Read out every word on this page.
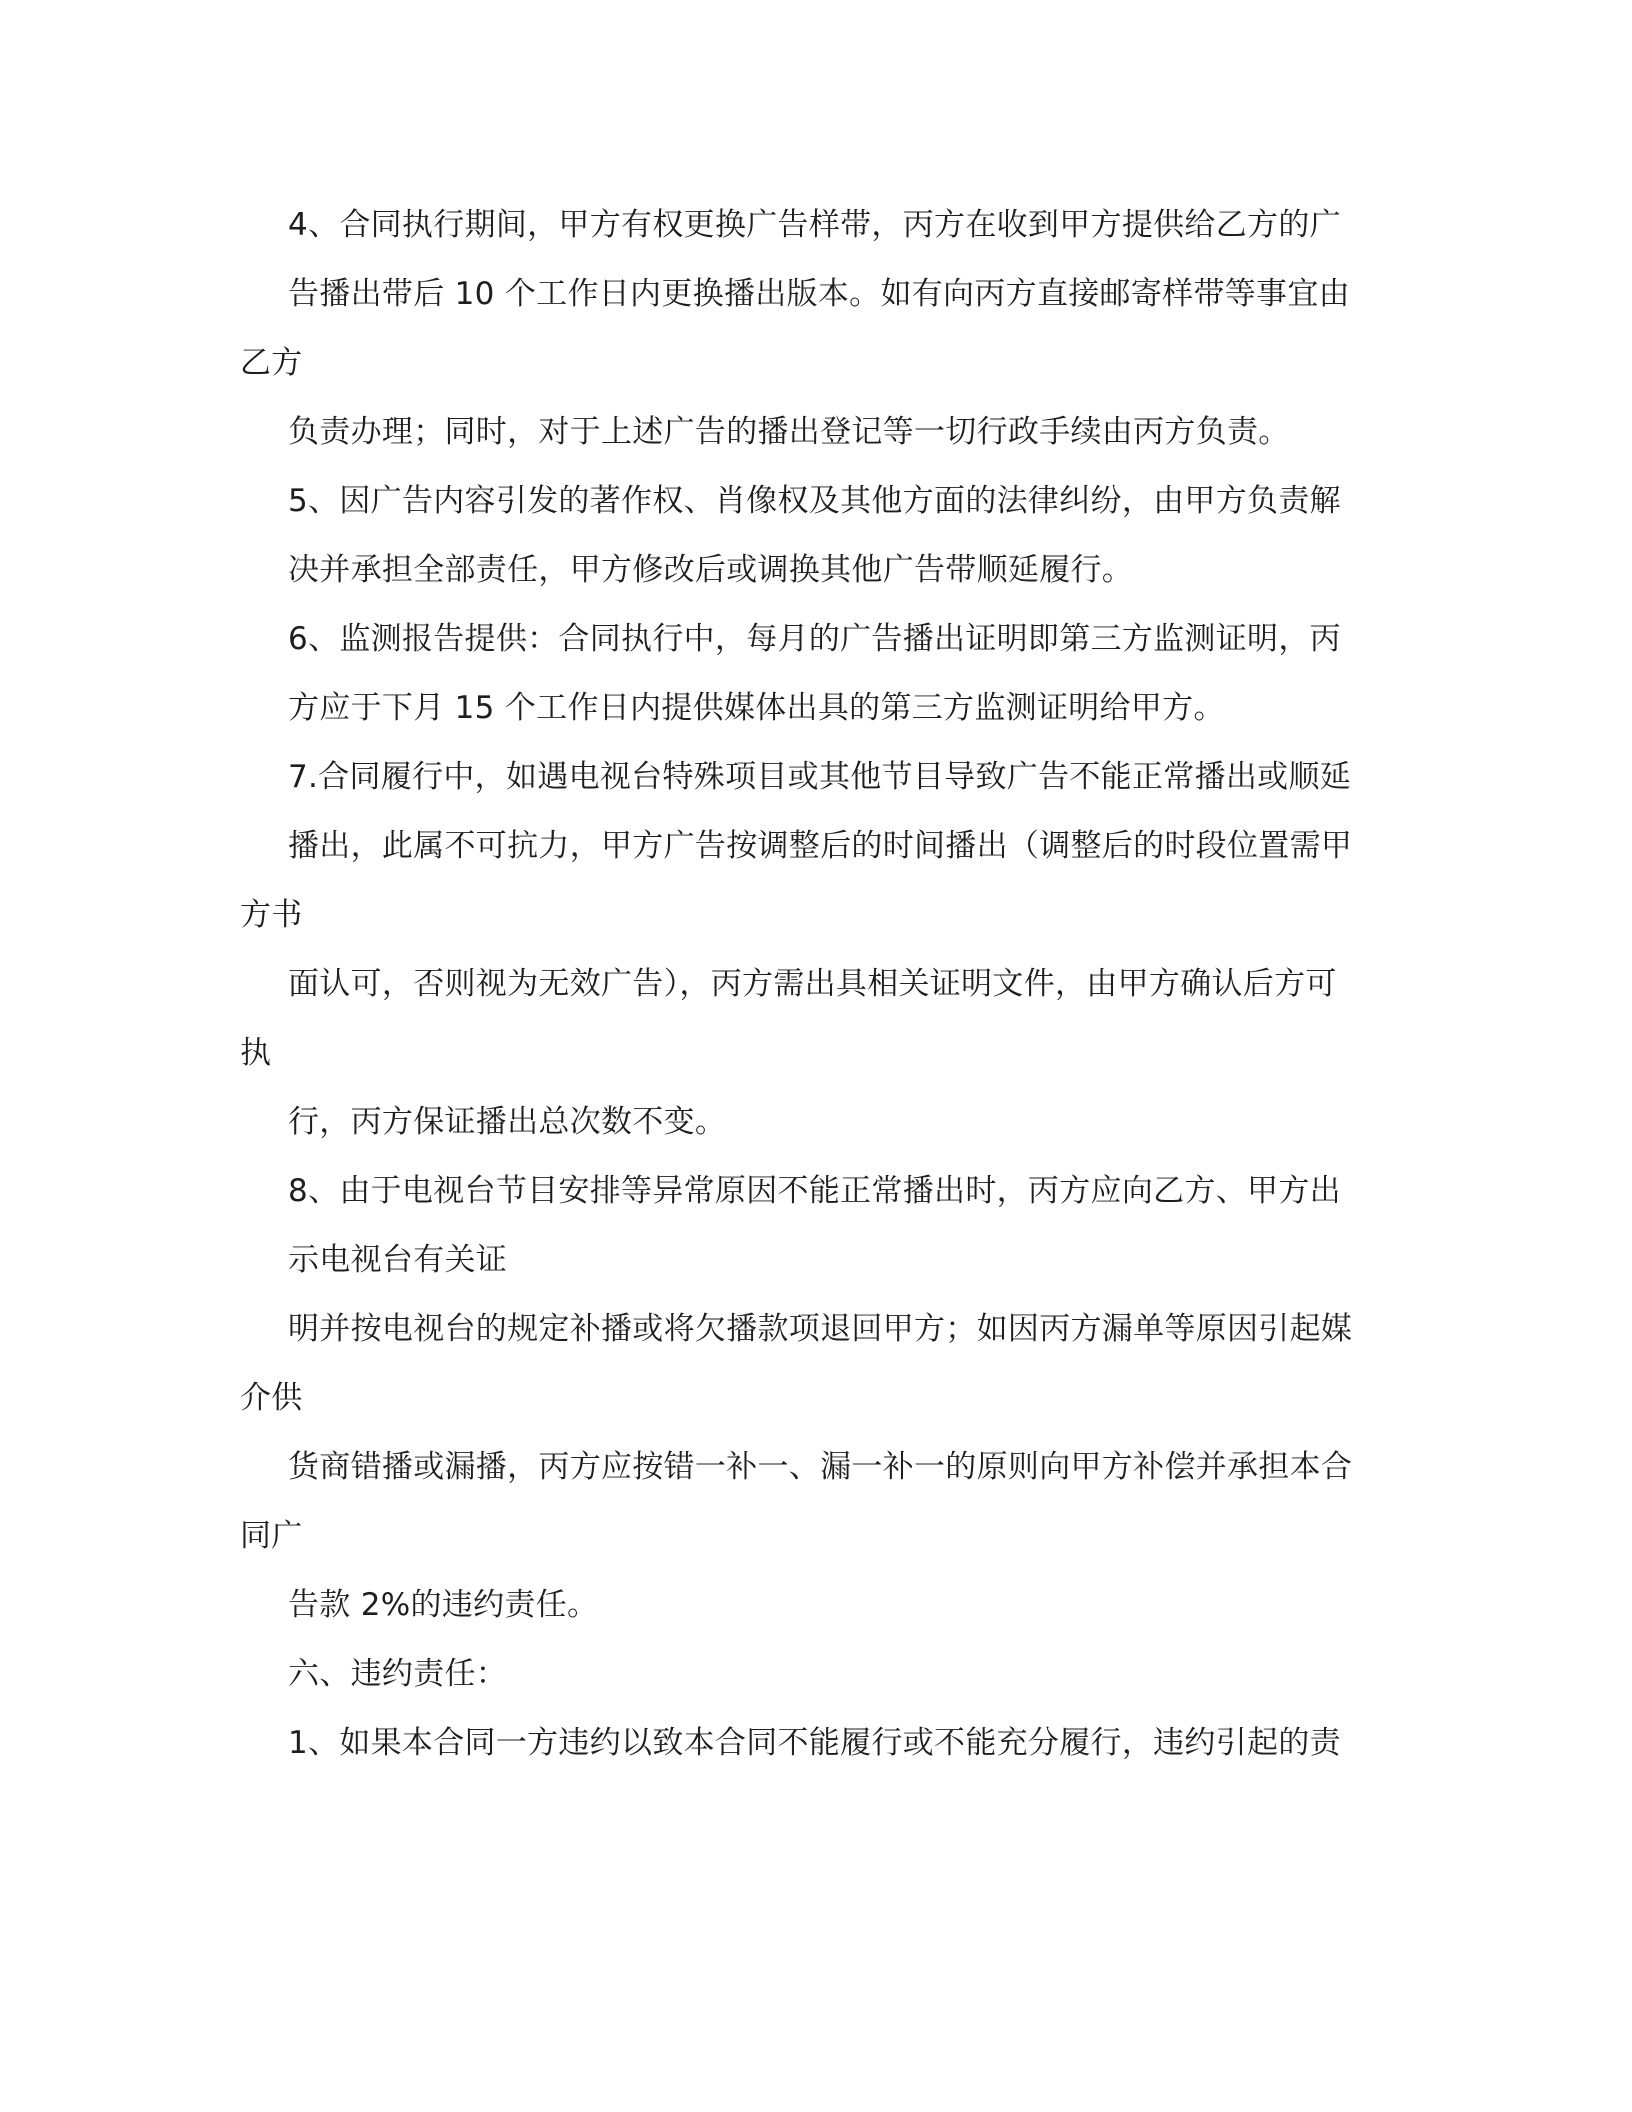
4、合同执行期间，甲方有权更换广告样带，丙方在收到甲方提供给乙方的广
告播出带后 10 个工作日内更换播出版本。如有向丙方直接邮寄样带等事宜由
乙方
负责办理；同时，对于上述广告的播出登记等一切行政手续由丙方负责。
5、因广告内容引发的著作权、肖像权及其他方面的法律纠纷，由甲方负责解
决并承担全部责任，甲方修改后或调换其他广告带顺延履行。
6、监测报告提供：合同执行中，每月的广告播出证明即第三方监测证明，丙
方应于下月 15 个工作日内提供媒体出具的第三方监测证明给甲方。
7.合同履行中，如遇电视台特殊项目或其他节目导致广告不能正常播出或顺延
播出，此属不可抗力，甲方广告按调整后的时间播出（调整后的时段位置需甲
方书
面认可，否则视为无效广告），丙方需出具相关证明文件，由甲方确认后方可
执
行，丙方保证播出总次数不变。
8、由于电视台节目安排等异常原因不能正常播出时，丙方应向乙方、甲方出
示电视台有关证
明并按电视台的规定补播或将欠播款项退回甲方；如因丙方漏单等原因引起媒
介供
货商错播或漏播，丙方应按错一补一、漏一补一的原则向甲方补偿并承担本合
同广
告款 2%的违约责任。
六、违约责任：
1、如果本合同一方违约以致本合同不能履行或不能充分履行，违约引起的责
